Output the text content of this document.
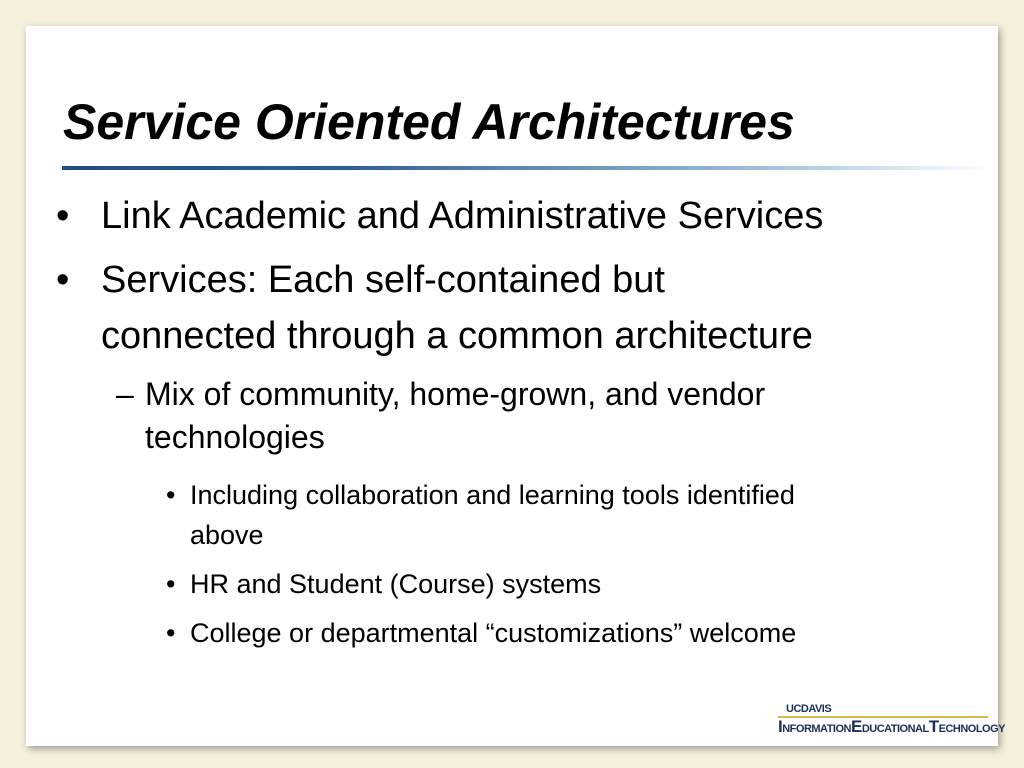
Service Oriented Architectures
• Link Academic and Administrative Services
• Services: Each self-contained but
connected through a common architecture
– Mix of community, home-grown, and vendor
technologies
• Including collaboration and learning tools identified
above
• HR and Student (Course) systems
• College or departmental “customizations” welcome
UCDAVIS
INFORMATIONEDUCATIONALTECHNOLOGY
